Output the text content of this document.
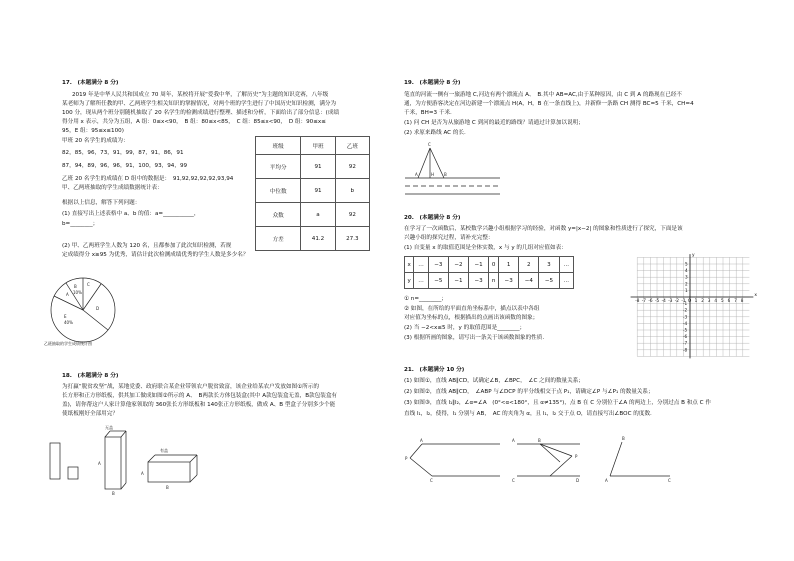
17.　(本题满分 8 分)
2019 年是中华人民共和国成立 70 周年，某校将开展“爱我中华，了解历史”为主题的知识竞赛，八年级
某老师为了解所任教的甲、乙两班学生相关知识的掌握情况，对两个班的学生进行了中国历史知识检测，满分为
100 分，现从两个班分别随机抽取了 20 名学生的检测成绩进行整理、描述和分析，下面给出了部分信息：(成绩
得分用 x 表示，共分为五组，A 组：0≤x<90，　B 组：80≤x<85，　C 组：85≤x<90，　D 组：90≤x≤
95，E 组：95≤x≤100)
甲班 20 名学生的成绩为：
82，85，96，73，91，99，87，91，86，91
87，94，89，96，96，91，100，93，94，99
乙班 20 名学生的成绩在 D 组中的数据是：　91,92,92,92,92,93,94
甲、乙两班抽取的学生成绩数据统计表：
根据以上信息，解答下列问题：
(1) 直接写出上述表格中 a、b 的值：a=___________，
b=________；
(2) 甲、乙两班学生人数为 120 名，且都参加了此次知识检测，若规
定成绩得分 x≥95 为优秀，请估计此次检测成绩优秀的学生人数是多少名？
班级	甲班	乙班
平均分	91	92
中位数	91	b
众数	a	92
方差	41.2	27.3
C
B
10%
A
D
E
40%
乙班抽取的学生成绩统计图
18.　(本题满分 8 分)
为打赢“脱贫攻坚”战，某地党委、政府联合某企业带领农户脱贫致富，该企业给某农户发放如图①所示的
长方形和正方形纸板，供其加工做成如图②所示的 A、　B两款长方体包装盒(其中 A款包装盒无盖，B款包装盒有
盖)，请你帮这户人家计算他家领取的 360张长方形纸板和 140张正方形纸板，做成 A、B 型盒子分别多少个能
使纸板刚好全部用完？
A
B
无盖
有盖
A
B
19.　(本题满分 8 分)
笔直的河流一侧有一旅游地 C,河边有两个漂流点 A、　B.其中 AB=AC,由于某种原因，由 C 到 A 的路现在已经不
通，为方便游客决定在河边新建一个漂流点 H(A，H，B 在一条直线上)，并新修一条路 CH 测得 BC=5 千米，CH=4
千米，BH=3 千米.
(1) 问 CH 是否为从旅游地 C 到河的最近的路线？请通过计算加以说明；
(2) 求原来路线 AC 的长.
C
A	H B
20.　(本题满分 8 分)
在学习了一次函数后，某校数学兴趣小组根据学习的经验，对函数 y=|x−2| 的图象和性质进行了探究，下面是该
兴趣小组的探究过程，请补充完整：
(1) 自变量 x 的取值范围是全体实数，x 与 y 的几组对应值如表：
x	…	−3	−2	−1	0	1	2	3	…
y	…	−5	−1	−3	n	−3	−4	−5	…
① n=________；
② 如图，在所给的平面直角坐标系中，描点以表中各组
对应值为坐标的点，根据描出的点画出该函数的图象；
(2) 当 −2<x≤5 时，y 的取值范围是________；
(3) 根据所画的图象，请写出一条关于该函数图象的性质.
-8 -7 -6 -5 -4 -3 -2 -1 O 1 2 3 4 5 6 7 8
5
4
3
2
1
-1
-2
-3
-4
-5
-6
-7
-8
x
y
21.　(本题满分 10 分)
(1) 如图①，直线 AB∥CD，试确定∠B，∠BPC，　∠C 之间的数量关系；
(2) 如图②，直线 AB∥CD，　∠ABP 与∠DCP 的平分线相交于点 P₁，请确定∠P 与∠P₁ 的数量关系；
(3) 如图③，直线 l₁∥l₂，∠α=∠A　(0°<α<180°，且 α≠135°)，点 B 在 C 分别位于∠A 的两边上，分别过点 B 和点 C 作
直线 l₁，l₂，使得，l₁ 分别与 AB，　AC 的夹角为 α，且 l₁，l₂ 交于点 O，请直接写出∠BOC 的度数.
A
P
C
A	B
P
C	D
B
A	C
